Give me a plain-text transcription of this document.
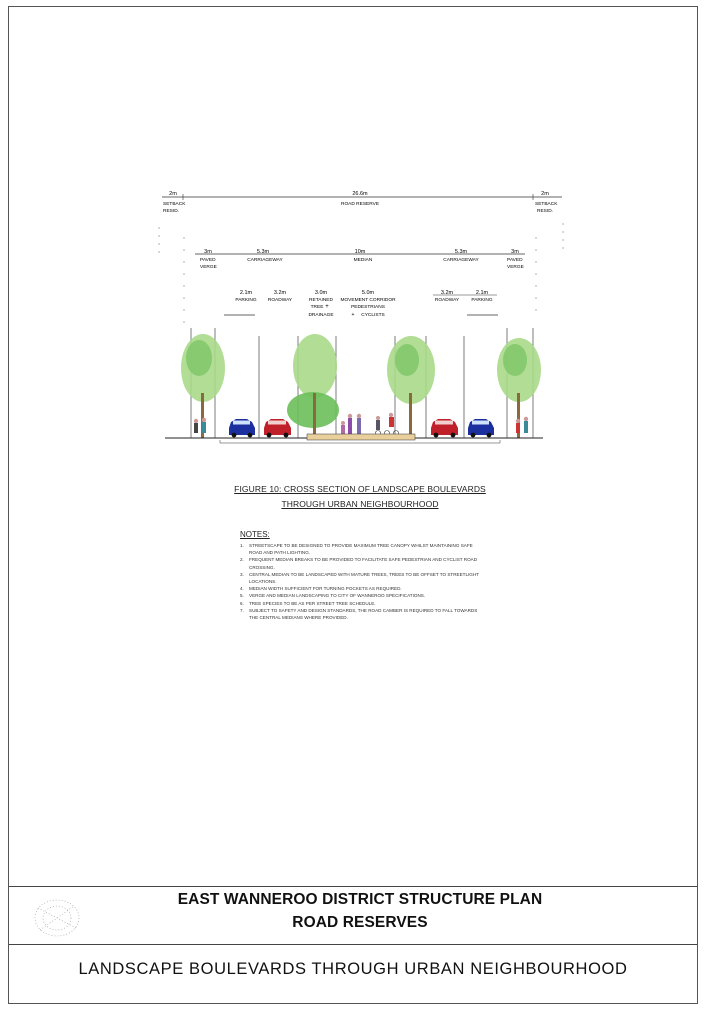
2m	26.6m	2m
SETBACK
RESID.
ROAD RESERVE	SETBACK
RESID.
3m	5.3m	10m	5.3m	3m
PAVED
VERGE
CARRIAGEWAY	MEDIAN	CARRIAGEWAY	PAVED
VERGE
2.1m
PARKING
3.2m
ROADWAY
3.0m
RETAINED
TREE +
DRAINAGE
5.0m
MOVEMENT CORRIDOR
PEDESTRIANS
+ CYCLISTS
3.2m
ROADWAY
2.1m
PARKING
FIGURE 10: CROSS SECTION OF LANDSCAPE BOULEVARDS
THROUGH URBAN NEIGHBOURHOOD
NOTES:
1.	STREETSCAPE TO BE DESIGNED TO PROVIDE MAXIMUM TREE CANOPY WHILST MAINTAINING SAFE ROAD AND PATH LIGHTING.
2.	FREQUENT MEDIAN BREAKS TO BE PROVIDED TO FACILITATE SAFE PEDESTRIAN AND CYCLIST ROAD CROSSING.
3.	CENTRAL MEDIAN TO BE LANDSCAPED WITH MATURE TREES, TREES TO BE OFFSET TO STREETLIGHT LOCATIONS.
4.	MEDIAN WIDTH SUFFICIENT FOR TURNING POCKETS AS REQUIRED.
5.	VERGE AND MEDIAN LANDSCAPING TO CITY OF WANNEROO SPECIFICATIONS.
6.	TREE SPECIES TO BE AS PER STREET TREE SCHEDULE.
7.	SUBJECT TO SAFETY AND DESIGN STANDARDS, THE ROAD CAMBER IS REQUIRED TO FALL TOWARDS THE CENTRAL MEDIANS WHERE PROVIDED.
EAST WANNEROO DISTRICT STRUCTURE PLAN
ROAD RESERVES
LANDSCAPE BOULEVARDS THROUGH URBAN NEIGHBOURHOOD
